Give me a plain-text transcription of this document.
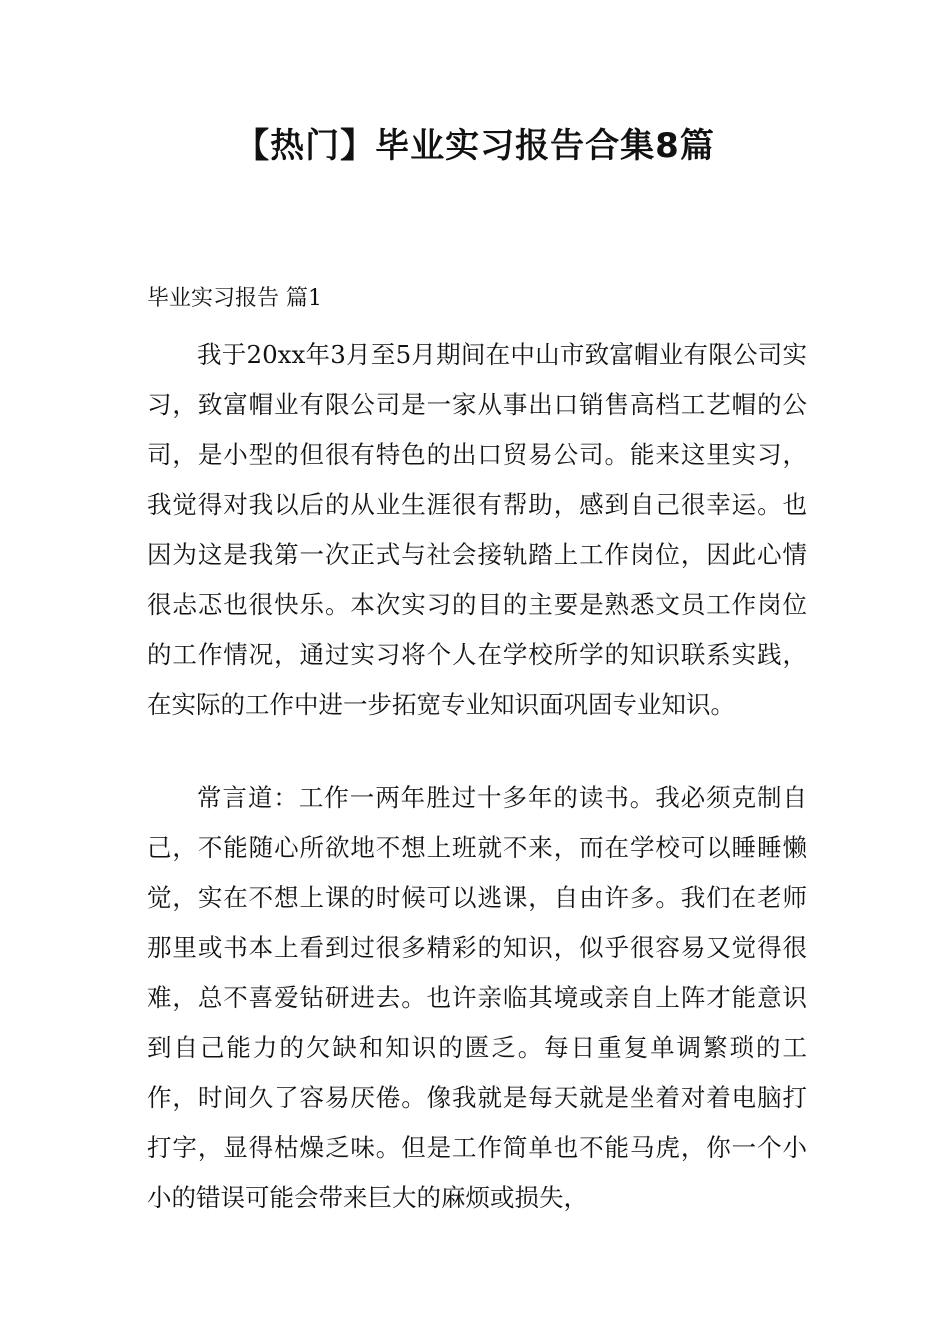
【热门】毕业实习报告合集8篇
毕业实习报告 篇1

我于20xx年3月至5月期间在中山市致富帽业有限公司实习，致富帽业有限公司是一家从事出口销售高档工艺帽的公司，是小型的但很有特色的出口贸易公司。能来这里实习，我觉得对我以后的从业生涯很有帮助，感到自己很幸运。也因为这是我第一次正式与社会接轨踏上工作岗位，因此心情很忐忑也很快乐。本次实习的目的主要是熟悉文员工作岗位的工作情况，通过实习将个人在学校所学的知识联系实践，在实际的工作中进一步拓宽专业知识面巩固专业知识。

常言道：工作一两年胜过十多年的读书。我必须克制自己，不能随心所欲地不想上班就不来，而在学校可以睡睡懒觉，实在不想上课的时候可以逃课，自由许多。我们在老师那里或书本上看到过很多精彩的知识，似乎很容易又觉得很难，总不喜爱钻研进去。也许亲临其境或亲自上阵才能意识到自己能力的欠缺和知识的匮乏。每日重复单调繁琐的工作，时间久了容易厌倦。像我就是每天就是坐着对着电脑打打字，显得枯燥乏味。但是工作简单也不能马虎，你一个小小的错误可能会带来巨大的麻烦或损失，
